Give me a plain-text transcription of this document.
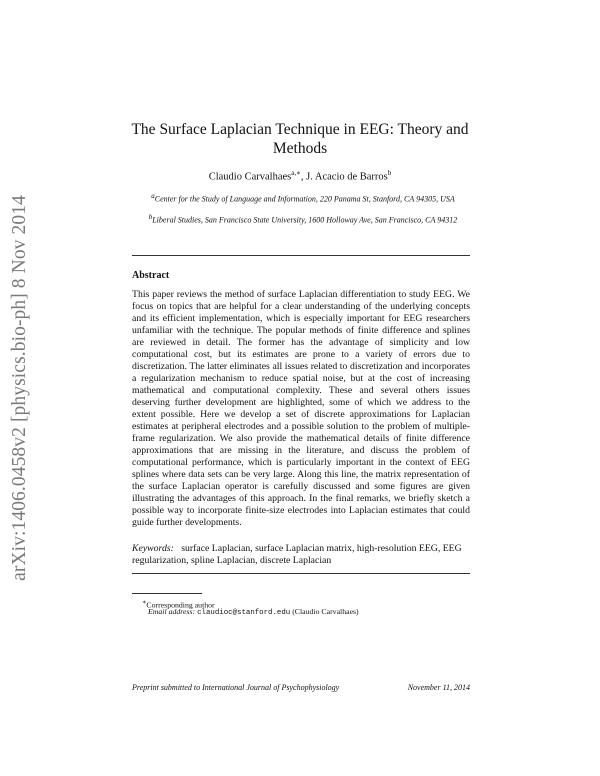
arXiv:1406.0458v2 [physics.bio-ph] 8 Nov 2014
The Surface Laplacian Technique in EEG: Theory and Methods
Claudio Carvalhaes$^{a,∗}$, J. Acacio de Barros$^b$
$^a$Center for the Study of Language and Information, 220 Panama St, Stanford, CA 94305, USA
$^b$Liberal Studies, San Francisco State University, 1600 Holloway Ave, San Francisco, CA 94312
Abstract

This paper reviews the method of surface Laplacian differentiation to study EEG. We focus on topics that are helpful for a clear understanding of the underlying concepts and its efficient implementation, which is especially important for EEG researchers unfamiliar with the technique. The popular methods of finite difference and splines are reviewed in detail. The former has the advantage of simplicity and low computational cost, but its estimates are prone to a variety of errors due to discretization. The latter eliminates all issues related to discretization and incorporates a regularization mechanism to reduce spatial noise, but at the cost of increasing mathematical and computational complexity. These and several others issues deserving further development are highlighted, some of which we address to the extent possible. Here we develop a set of discrete approximations for Laplacian estimates at peripheral electrodes and a possible solution to the problem of multiple-frame regularization. We also provide the mathematical details of finite difference approximations that are missing in the literature, and discuss the problem of computational performance, which is particularly important in the context of EEG splines where data sets can be very large. Along this line, the matrix representation of the surface Laplacian operator is carefully discussed and some figures are given illustrating the advantages of this approach. In the final remarks, we briefly sketch a possible way to incorporate finite-size electrodes into Laplacian estimates that could guide further developments.

Keywords: surface Laplacian, surface Laplacian matrix, high-resolution EEG, EEG regularization, spline Laplacian, discrete Laplacian
∗Corresponding author
Email address: claudioc@stanford.edu (Claudio Carvalhaes)
Preprint submitted to International Journal of Psychophysiology	November 11, 2014
